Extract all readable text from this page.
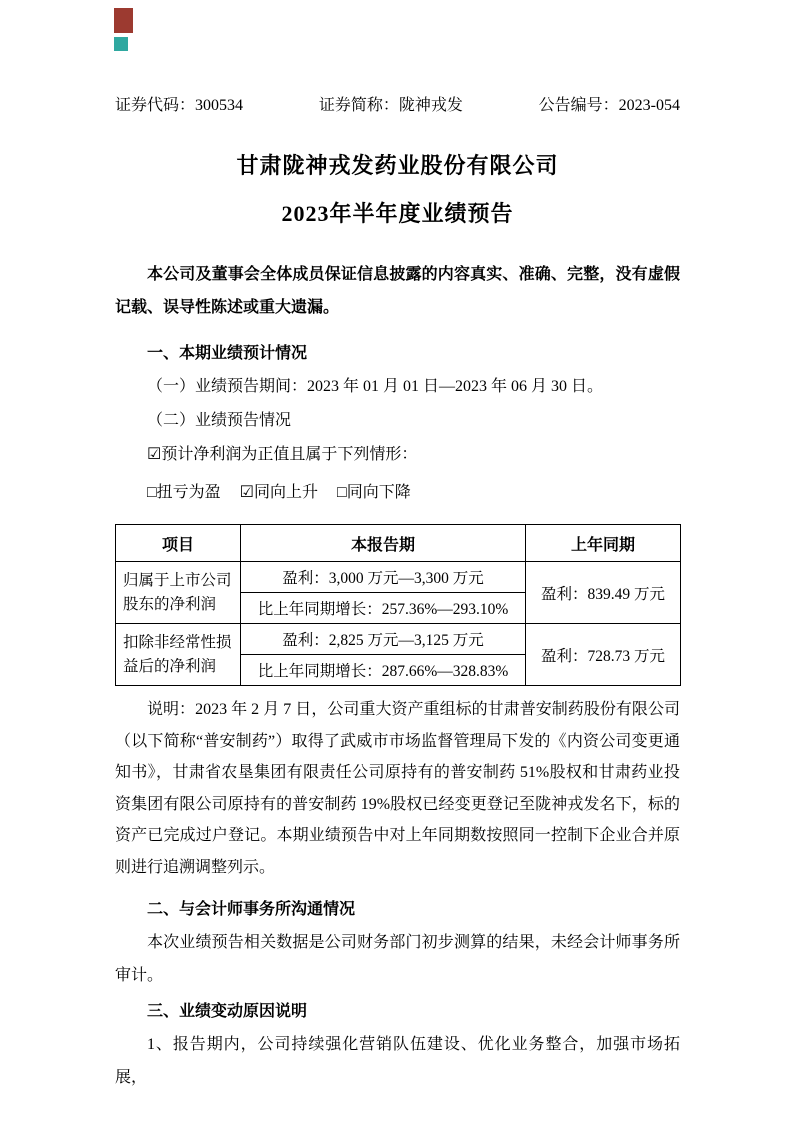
证券代码：300534	证券简称：陇神戎发	公告编号：2023-054
甘肃陇神戎发药业股份有限公司
2023年半年度业绩预告

本公司及董事会全体成员保证信息披露的内容真实、准确、完整，没有虚假记载、误导性陈述或重大遗漏。

一、本期业绩预计情况
（一）业绩预告期间：2023 年 01 月 01 日—2023 年 06 月 30 日。
（二）业绩预告情况
☑预计净利润为正值且属于下列情形：
□扭亏为盈 ☑同向上升 □同向下降
项目	本报告期	上年同期
归属于上市公司股东的净利润	盈利：3,000 万元—3,300 万元	盈利：839.49 万元
	比上年同期增长：257.36%—293.10%	
扣除非经常性损益后的净利润	盈利：2,825 万元—3,125 万元	盈利：728.73 万元
	比上年同期增长：287.66%—328.83%	

说明：2023 年 2 月 7 日，公司重大资产重组标的甘肃普安制药股份有限公司（以下简称“普安制药”）取得了武威市市场监督管理局下发的《内资公司变更通知书》，甘肃省农垦集团有限责任公司原持有的普安制药 51%股权和甘肃药业投资集团有限公司原持有的普安制药 19%股权已经变更登记至陇神戎发名下，标的资产已完成过户登记。本期业绩预告中对上年同期数按照同一控制下企业合并原则进行追溯调整列示。

二、与会计师事务所沟通情况

本次业绩预告相关数据是公司财务部门初步测算的结果，未经会计师事务所审计。

三、业绩变动原因说明

1、报告期内，公司持续强化营销队伍建设、优化业务整合，加强市场拓展，
